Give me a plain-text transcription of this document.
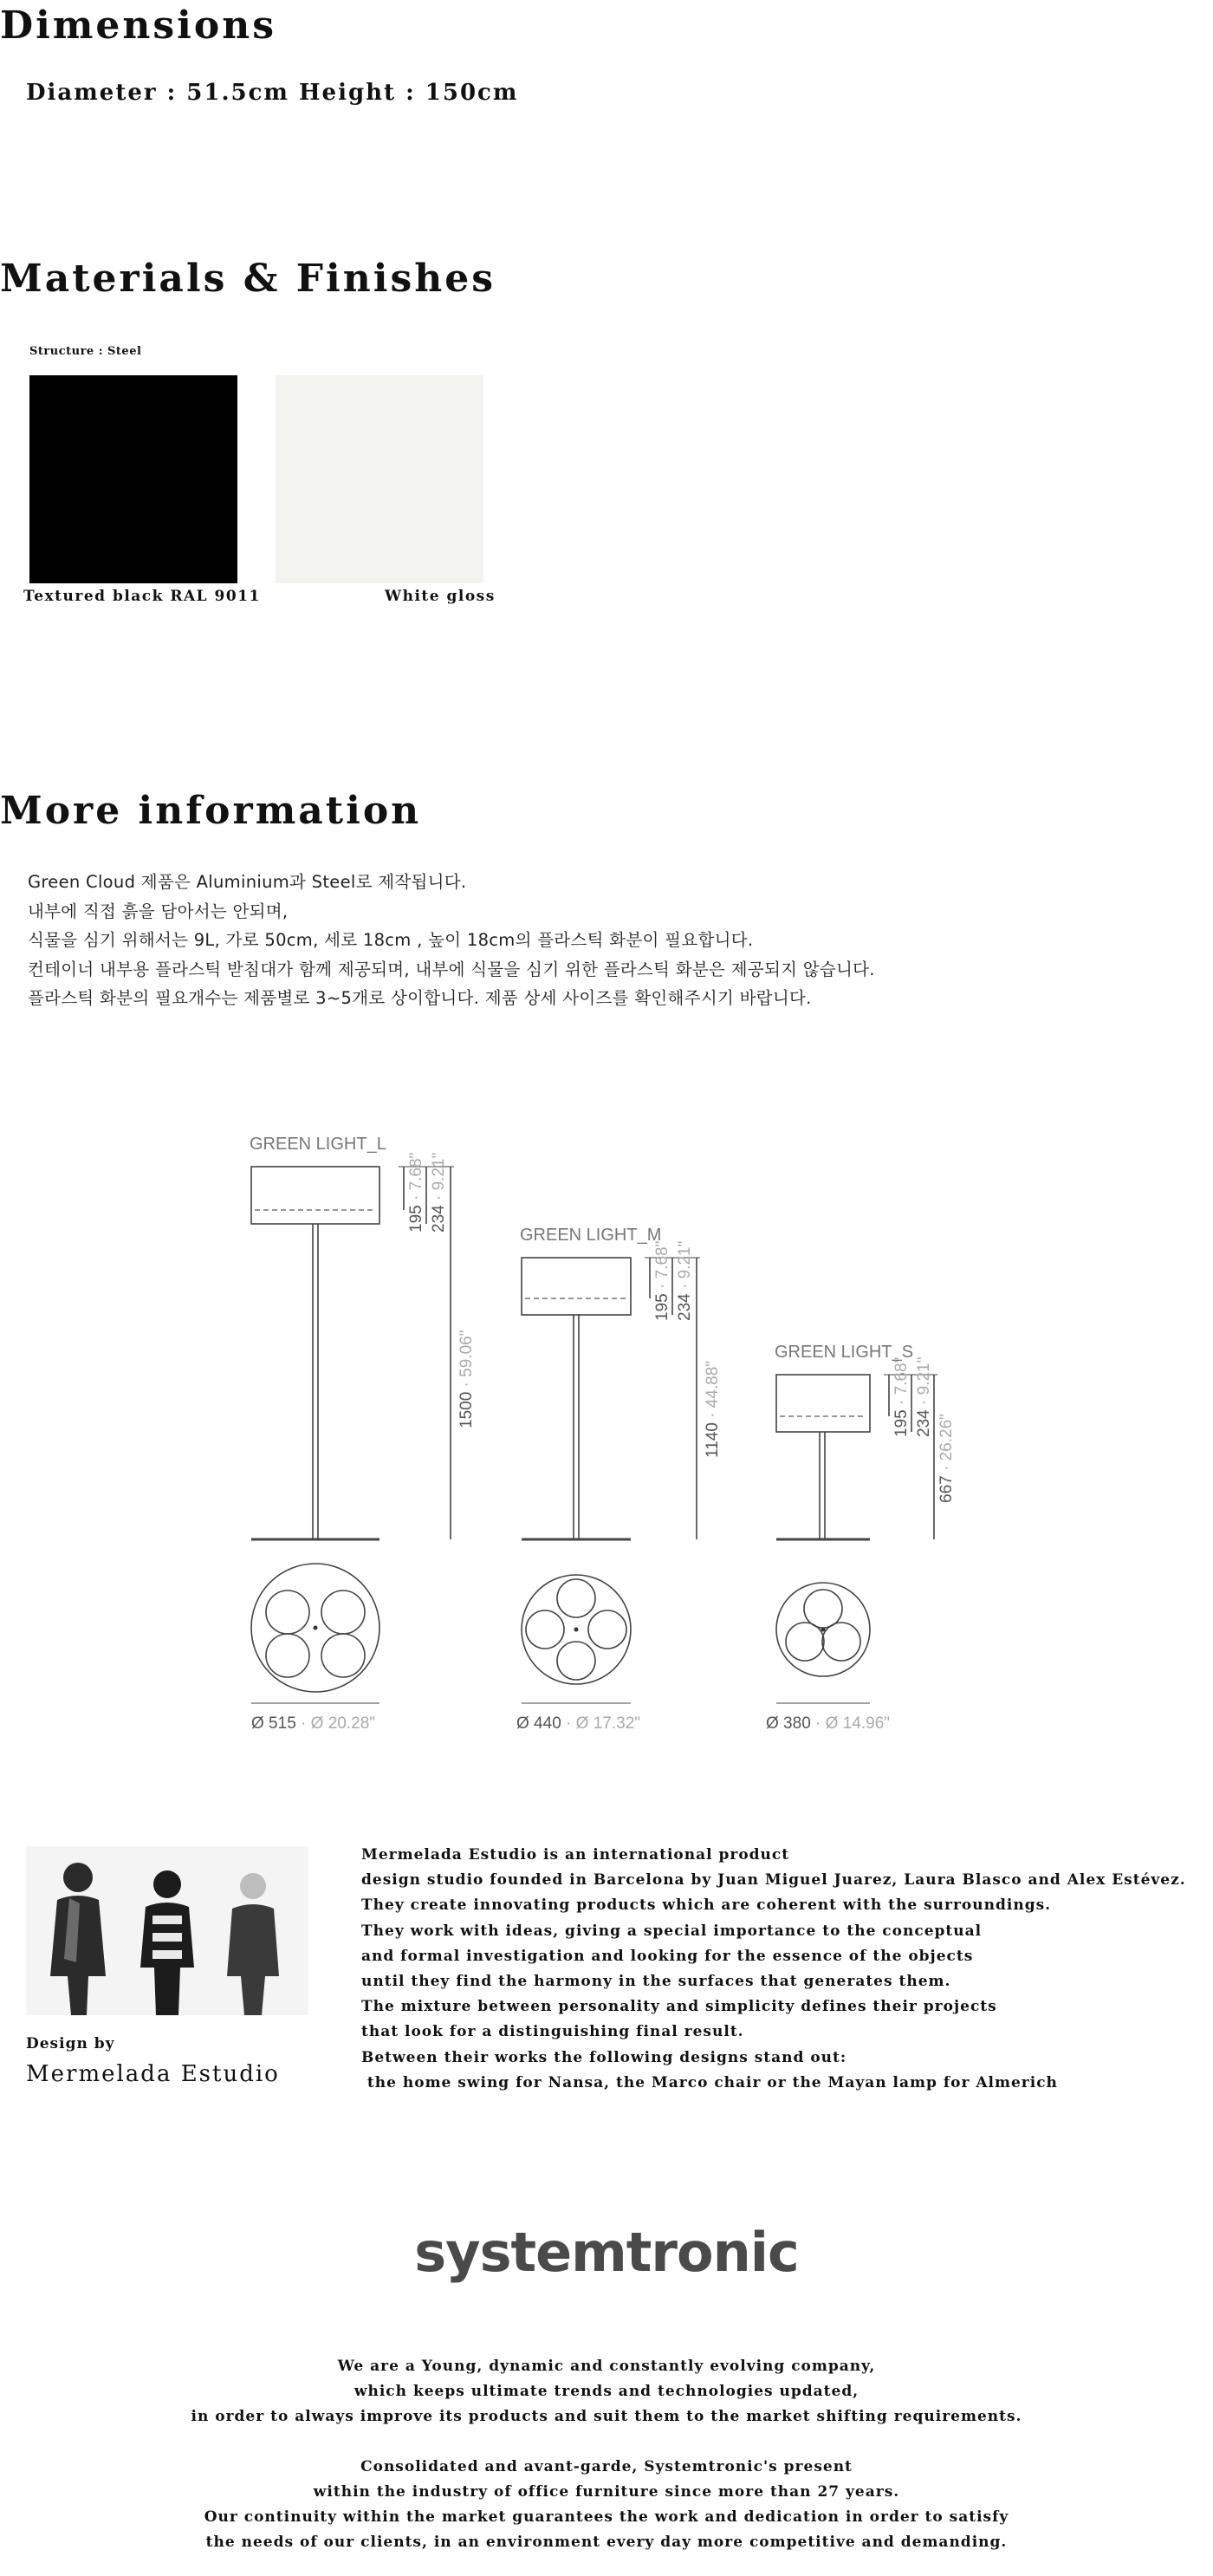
Dimensions
Diameter : 51.5cm Height : 150cm
Materials & Finishes
Structure : Steel
Textured black RAL 9011	White gloss
More information
Green Cloud 제품은 Aluminium과 Steel로 제작됩니다.
내부에 직접 흙을 담아서는 안되며,
식물을 심기 위해서는 9L, 가로 50cm, 세로 18cm , 높이 18cm의 플라스틱 화분이 필요합니다.
컨테이너 내부용 플라스틱 받침대가 함께 제공되며, 내부에 식물을 심기 위한 플라스틱 화분은 제공되지 않습니다.
플라스틱 화분의 필요개수는 제품별로 3~5개로 상이합니다. 제품 상세 사이즈를 확인해주시기 바랍니다.
GREEN LIGHT_L
GREEN LIGHT_M
GREEN LIGHT_S
195 · 7.68"
234 · 9.21"
1500 · 59.06"
195 · 7.68"
234 · 9.21"
1140 · 44.88"
195 · 7.68"
234 · 9.21"
667 · 26.26"
Ø 515 · Ø 20.28"	Ø 440 · Ø 17.32"	Ø 380 · Ø 14.96"
Design by
Mermelada Estudio
Mermelada Estudio is an international product
design studio founded in Barcelona by Juan Miguel Juarez, Laura Blasco and Alex Estévez.
They create innovating products which are coherent with the surroundings.
They work with ideas, giving a special importance to the conceptual
and formal investigation and looking for the essence of the objects
until they find the harmony in the surfaces that generates them.
The mixture between personality and simplicity defines their projects
that look for a distinguishing final result.
Between their works the following designs stand out:
the home swing for Nansa, the Marco chair or the Mayan lamp for Almerich
systemtronic
We are a Young, dynamic and constantly evolving company,
which keeps ultimate trends and technologies updated,
in order to always improve its products and suit them to the market shifting requirements.
Consolidated and avant-garde, Systemtronic's present
within the industry of office furniture since more than 27 years.
Our continuity within the market guarantees the work and dedication in order to satisfy
the needs of our clients, in an environment every day more competitive and demanding.
